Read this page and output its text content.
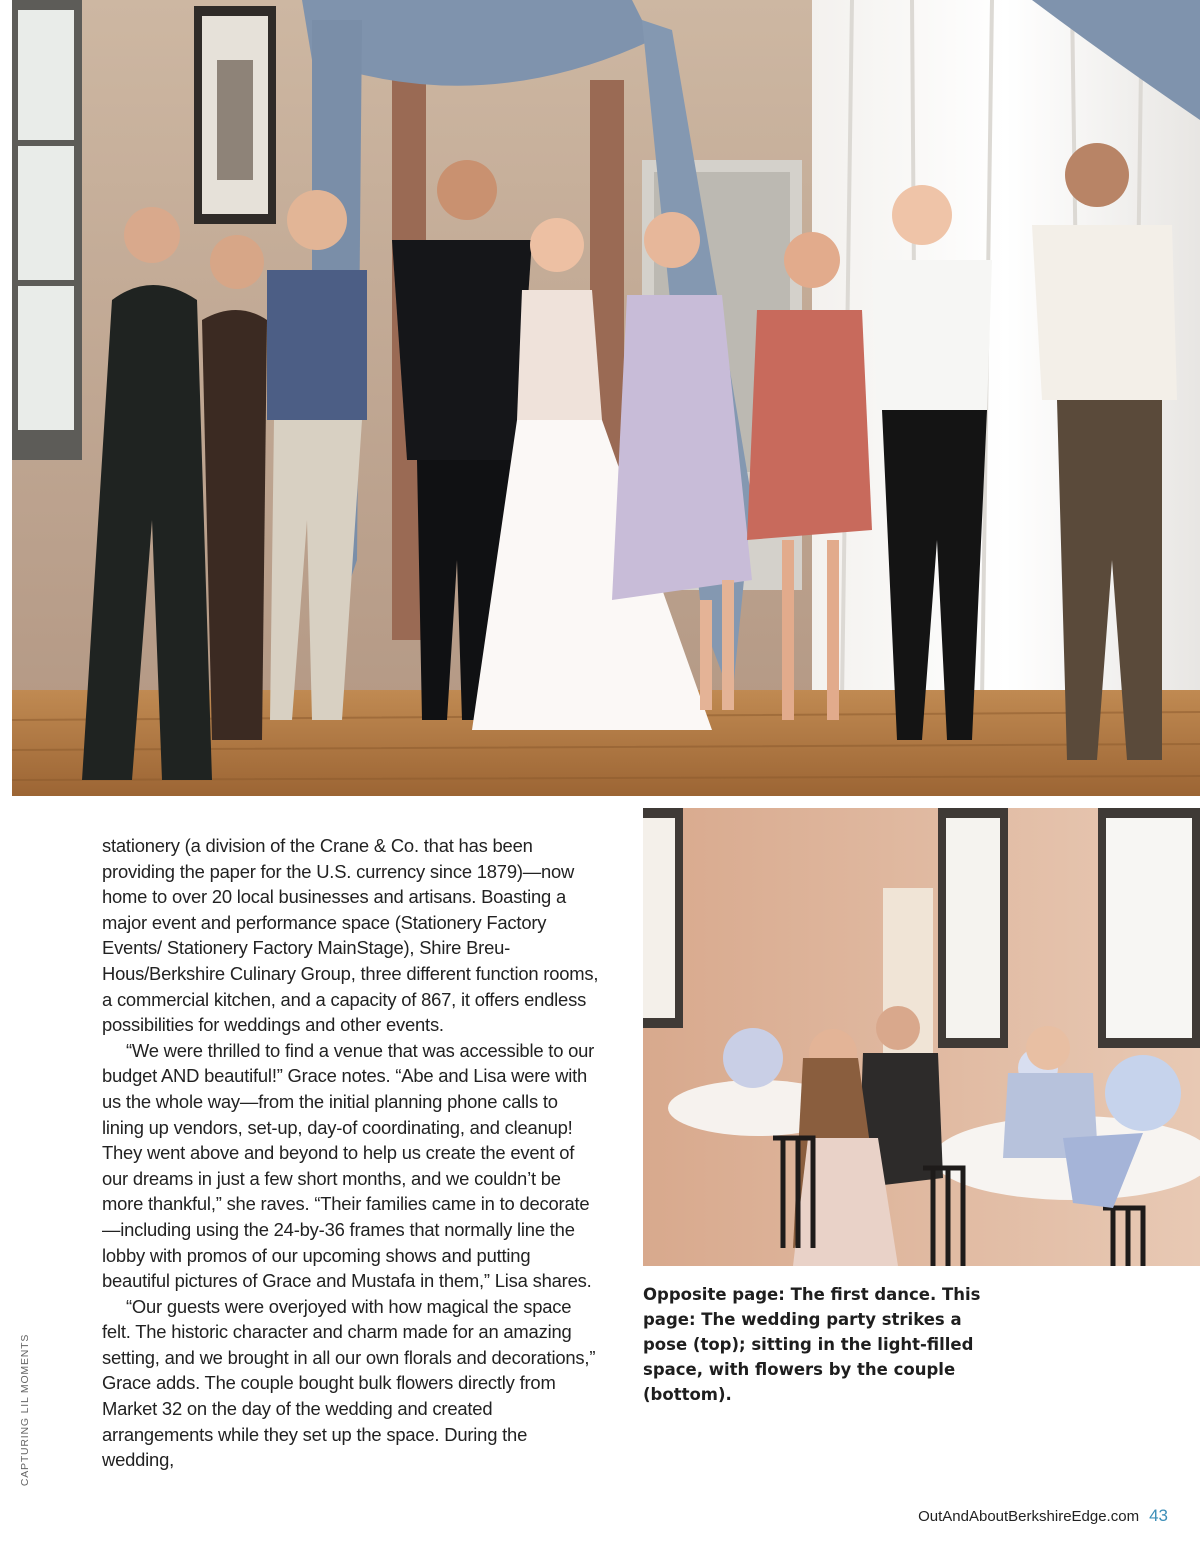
stationery (a division of the Crane & Co. that has been providing the paper for the U.S. currency since 1879)—now home to over 20 local businesses and artisans. Boasting a major event and performance space (Stationery Factory Events/ Stationery Factory MainStage), Shire Breu-Hous/Berkshire Culinary Group, three different function rooms, a commercial kitchen, and a capacity of 867, it offers endless possibilities for weddings and other events.

“We were thrilled to find a venue that was accessible to our budget AND beautiful!” Grace notes. “Abe and Lisa were with us the whole way—from the initial planning phone calls to lining up vendors, set-up, day-of coordinating, and cleanup! They went above and beyond to help us create the event of our dreams in just a few short months, and we couldn’t be more thankful,” she raves. “Their families came in to decorate—including using the 24-by-36 frames that normally line the lobby with promos of our upcoming shows and putting beautiful pictures of Grace and Mustafa in them,” Lisa shares.

“Our guests were overjoyed with how magical the space felt. The historic character and charm made for an amazing setting, and we brought in all our own florals and decorations,” Grace adds. The couple bought bulk flowers directly from Market 32 on the day of the wedding and created arrangements while they set up the space. During the wedding,

CAPTURING LIL MOMENTS
Opposite page: The first dance. This page: The wedding party strikes a pose (top); sitting in the light-filled space, with flowers by the couple (bottom).
OutAndAboutBerkshireEdge.com 43
